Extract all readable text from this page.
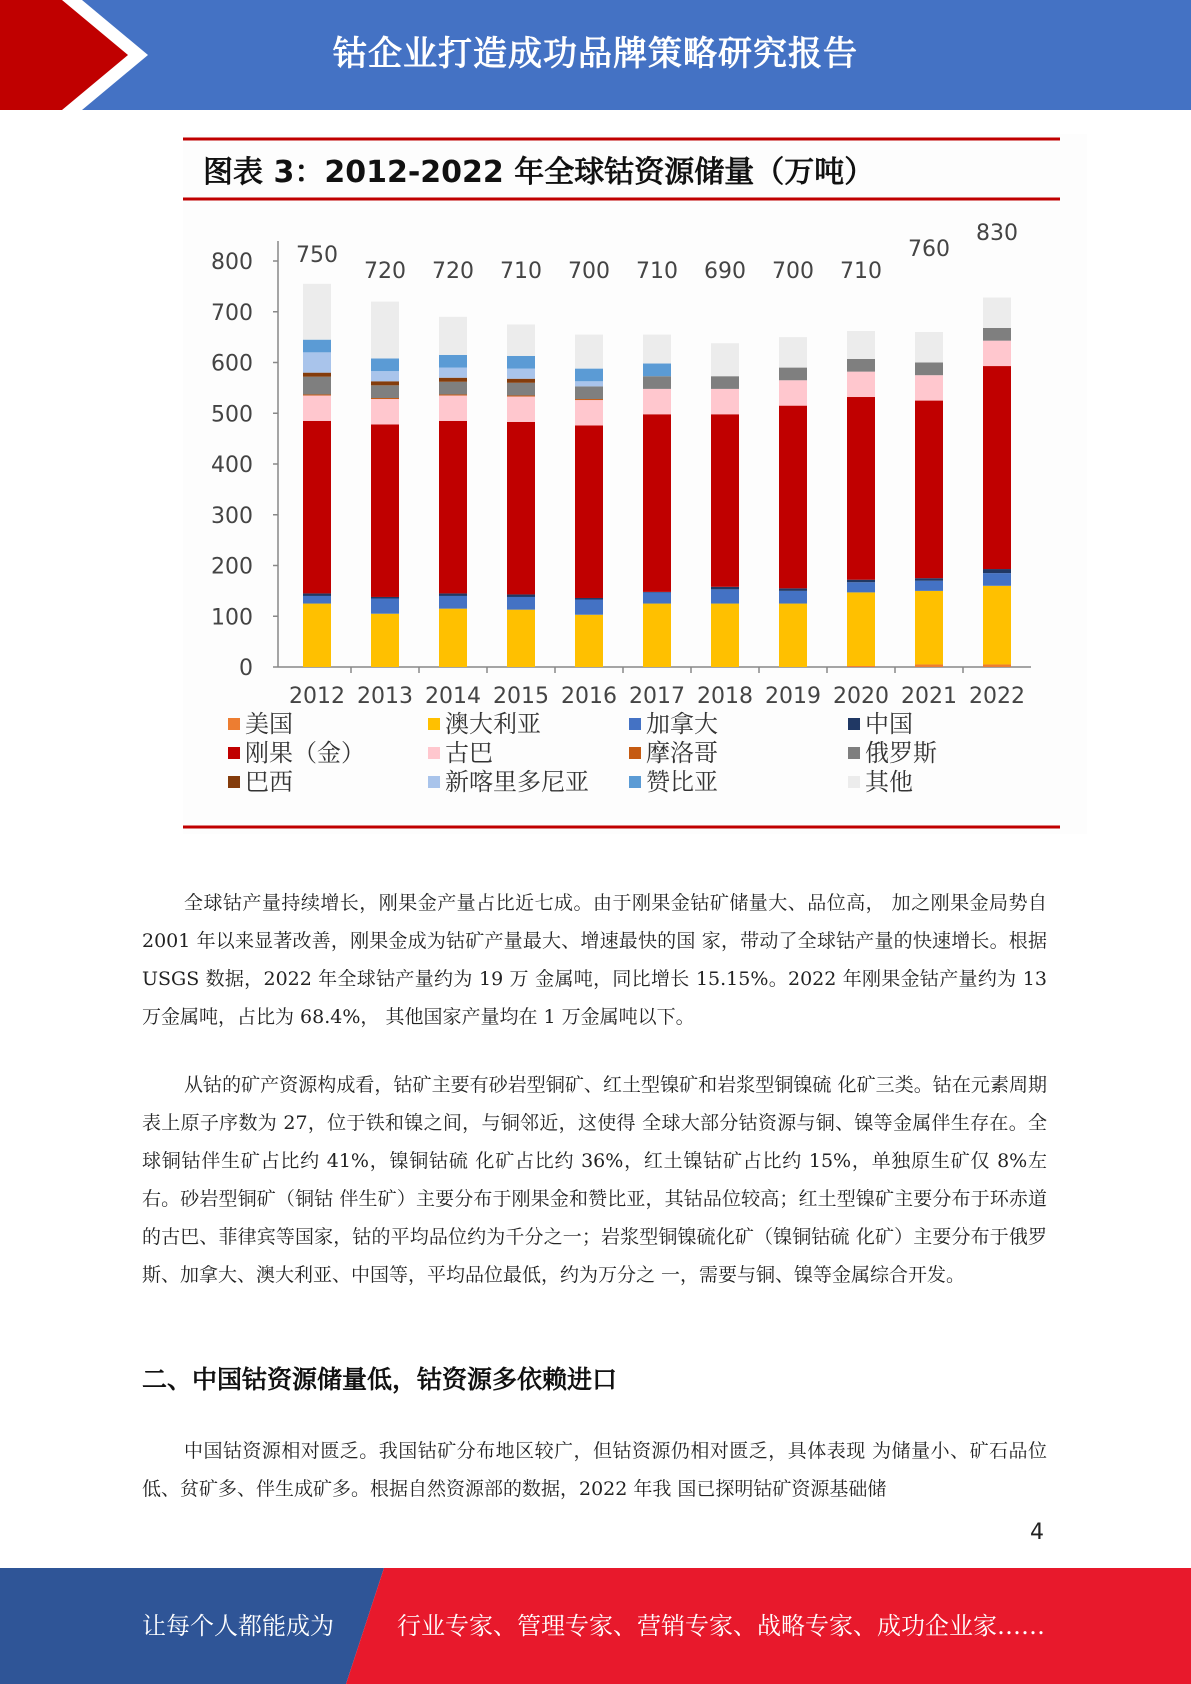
钴企业打造成功品牌策略研究报告
图表 3：2012-2022 年全球钴资源储量（万吨）
0
100
200
300
400
500
600
700
800
2012 2013 2014 2015 2016 2017 2018 2019 2020 2021 2022
750
720 720 710 700 710 690 700 710
760
830
美国	澳大利亚	加拿大	中国
刚果（金）	古巴	摩洛哥	俄罗斯
巴西	新喀里多尼亚 赞比亚	其他

全球钴产量持续增长，刚果金产量占比近七成。由于刚果金钴矿储量大、品位高， 加之刚果金局势自 2001 年以来显著改善，刚果金成为钴矿产量最大、增速最快的国 家，带动了全球钴产量的快速增长。根据 USGS 数据，2022 年全球钴产量约为 19 万 金属吨，同比增长 15.15%。2022 年刚果金钴产量约为 13 万金属吨，占比为 68.4%， 其他国家产量均在 1 万金属吨以下。

从钴的矿产资源构成看，钴矿主要有砂岩型铜矿、红土型镍矿和岩浆型铜镍硫 化矿三类。钴在元素周期表上原子序数为 27，位于铁和镍之间，与铜邻近，这使得 全球大部分钴资源与铜、镍等金属伴生存在。全球铜钴伴生矿占比约 41%，镍铜钴硫 化矿占比约 36%，红土镍钴矿占比约 15%，单独原生矿仅 8%左右。砂岩型铜矿（铜钴 伴生矿）主要分布于刚果金和赞比亚，其钴品位较高；红土型镍矿主要分布于环赤道 的古巴、菲律宾等国家，钴的平均品位约为千分之一；岩浆型铜镍硫化矿（镍铜钴硫 化矿）主要分布于俄罗斯、加拿大、澳大利亚、中国等，平均品位最低，约为万分之 一，需要与铜、镍等金属综合开发。

二、中国钴资源储量低，钴资源多依赖进口

中国钴资源相对匮乏。我国钴矿分布地区较广，但钴资源仍相对匮乏，具体表现 为储量小、矿石品位低、贫矿多、伴生成矿多。根据自然资源部的数据，2022 年我 国已探明钴矿资源基础储

4
让每个人都能成为	行业专家、管理专家、营销专家、战略专家、成功企业家……
